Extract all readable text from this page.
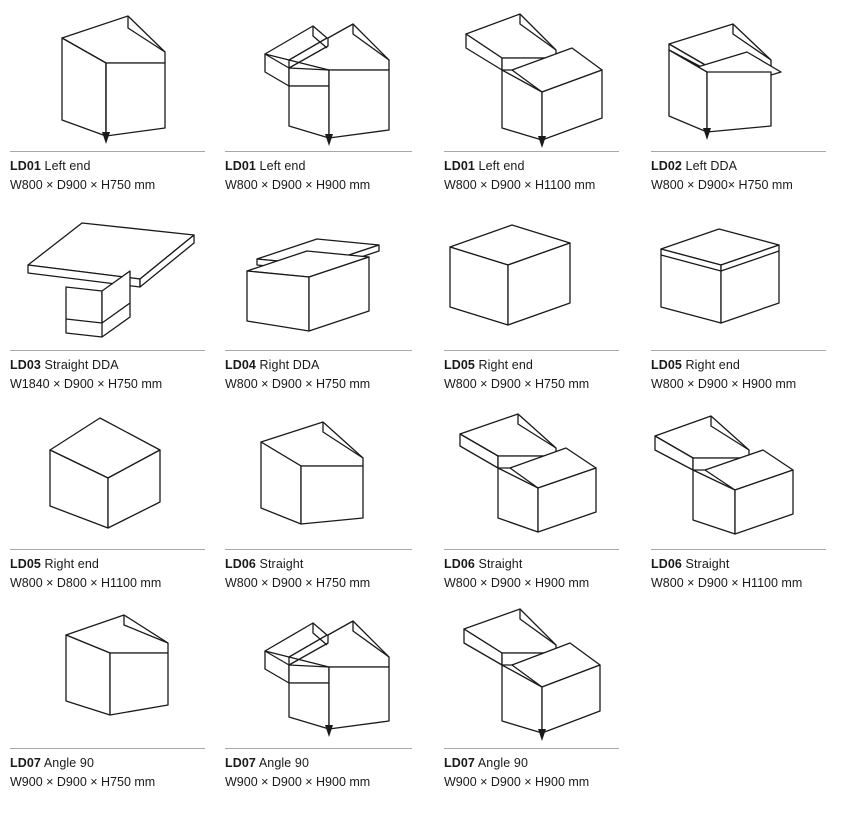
LD01 Left end
W800 × D900 × H750 mm
LD01 Left end
W800 × D900 × H900 mm
LD01 Left end
W800 × D900 × H1100 mm
LD02 Left DDA
W800 × D900× H750 mm
LD03 Straight DDA
W1840 × D900 × H750 mm
LD04 Right DDA
W800 × D900 × H750 mm
LD05 Right end
W800 × D900 × H750 mm
LD05 Right end
W800 × D900 × H900 mm
LD05 Right end
W800 × D800 × H1100 mm
LD06 Straight
W800 × D900 × H750 mm
LD06 Straight
W800 × D900 × H900 mm
LD06 Straight
W800 × D900 × H1100 mm
LD07 Angle 90
W900 × D900 × H750 mm
LD07 Angle 90
W900 × D900 × H900 mm
LD07 Angle 90
W900 × D900 × H900 mm
